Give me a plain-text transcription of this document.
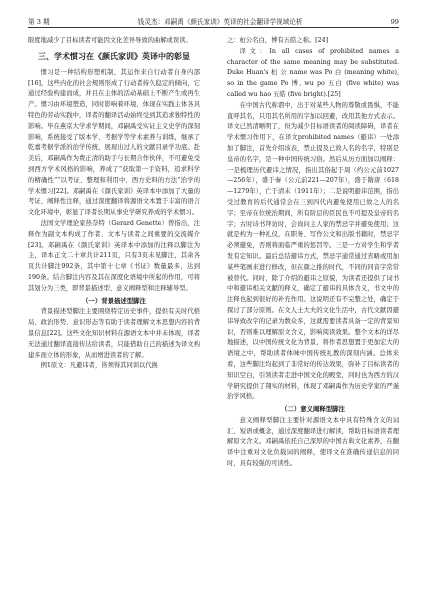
第 3 期	钱灵杰：邓嗣禹《颜氏家训》英译的社会翻译学视域论析	99

限度地减少了目标读者可能因文化差异导致的曲解或误读。

三、学术惯习在《颜氏家训》英译中的彰显

惯习是一种结构形塑机制，其运作来自行动者自身内部[16]，这些内化的社会规则形成了行动者持久稳定的倾向，它通过经验构建而成，并且在主体的活动基础上不断产生或再生产。惯习由环境塑造，同时影响着环境，体现在实践主体各具特色的劳动实践中，译者的翻译活动始终受到其追求独特性的影响。毕在燕京大学求学期间，邓嗣禹受实证主义史学的深刻影响，系统接受了版本学、考据学等学术素养与训练，继承了乾嘉考据学派的治学传统，展现出过人的文献目录学功底。赴美后，邓嗣禹作为费正清的助手与长期合作伙伴，不可避免受到西方学术风格的影响，养成了“获取第一手资料，追求科学的精确性”“以考证、整理和利用中、西方史料的方法”治学的学术惯习[22]。邓嗣禹在《颜氏家训》英译本中添加了大量的考证、阐释性注释，通过深度翻译将源语文本置于丰富的语言文化环境中，彰显了译者长期从事史学研究养成的学术惯习。

法国文学理论家热奈特（Gerard Genette）曾指出，注释作为副文本构成了作者、文本与读者之间重要的交流媒介[23]。邓嗣禹在《颜氏家训》英译本中添加的注释以脚注为主，译本正文二十章共计211页，只有3页未见脚注，其余各页共计脚注992条，其中第十七章《书证》数量最多，达到190条。结合脚注内容及其在深度化语境中所起的作用，可将其划分为三类，即背景描述型、意义阐释型和注释辅导型。

（一）背景描述型脚注

背景描述型脚注主要围绕特定历史事件，提供有关时代格局、政治形势、意识形态等有助于读者理解文本思想内容的背景信息[22]。这些文化知识材料在源语文本中并未体现，译者无法通过翻译直接传达给读者，只能借助自己的描述为译文构建多面立体的形象，从而增进读者的了解。

例1原文：凡避讳者，皆须得其同训以代换

之：桓公名白，博有五皓之称。[24]

译文：In all cases of prohibited names a character of the same meaning may be substituted. Duke Huan's 桓 公 name was Po 白 (meaning white), so in the game Po 博, wu po 五白 (five white) was called wu hao 五皓 (five bright).[25]

在中国古代称谓中，出于对某些人物的尊敬或畏惧，不能直呼其名，只用其名所用的字加以回避，改用其他方式表示。译文已然清晰明了，但为减少目标语读者的阅读障碍，译者在学术惯习作用下，在译文prohibited names（避讳）一处添加了脚注，首先介绍该表，禁止提及已故人名的名字，特别是皇帝的名字，是一种中国传统习俗。然后从历方面加以阐释：一是梳理历代避讳之情况，指出其俗起于周（约公元前1027—256年），盛于秦（公元前221—207年），盛于隋唐（618—1279年），亡于清末（1911年）；二是说明避讳范围，指出受过教育的后代通常会在三到四代内避免使用已故之人的名字；至帝在位统治期间，所有阶层的臣民也不可提及皇帝的名字；古时诗书拜访时，会询问主人家的禁忌字并避免使用；这就是构为一种礼仪，在职务、写作公文和出版书籍时，禁忌字必须避免，否则将面临严重的惩罚等。三是一方对学生和学者发有定知识。最后总结避讳方式，禁忌字通常通过省略或用加某些笔画来进行修改，但在颜之推的时代，不同的同音字常常被替代。同时，除了介绍的避讳之原貌，为读者还提供了词书中和避讳相关文献的释义，确定了避讳的具体含义，书文中的注释也起到很好的补充作用。这说明还有不完整之处，确定于探讨了部分原则。在文人士大夫的文化生活中，古代文献因避讳导致改字的记录为数众多，这就需要读者具备一定的背景知识，否则难以理解原文含义，影响阅读效果。整个文本的详尽地描述，以中国传统文化为背景，将作者思想置于更加宏大的语境之中，帮助读者体味中国传统礼教的深刻内涵。总体来看，这些脚注均起到了非常好的传达效果，弥补了目标读者的知识空白，引领读者走进中国文化的殿堂，同时也为西方的汉学研究提供了翔实的材料，体现了邓嗣禹作为历史学家的严谨治学风格。

（二）意义阐释型脚注

意义阐释型脚注主要针对源语文本中具有特殊含义的词汇、短语或概念，通过深度翻译进行解读，帮助目标语读者理解原文含义。邓嗣禹依托自己深厚的中国古典文化素养，在翻译中注重对文化负载词的阐释，使译文在准确传递信息的同时，具有较强的可读性。
